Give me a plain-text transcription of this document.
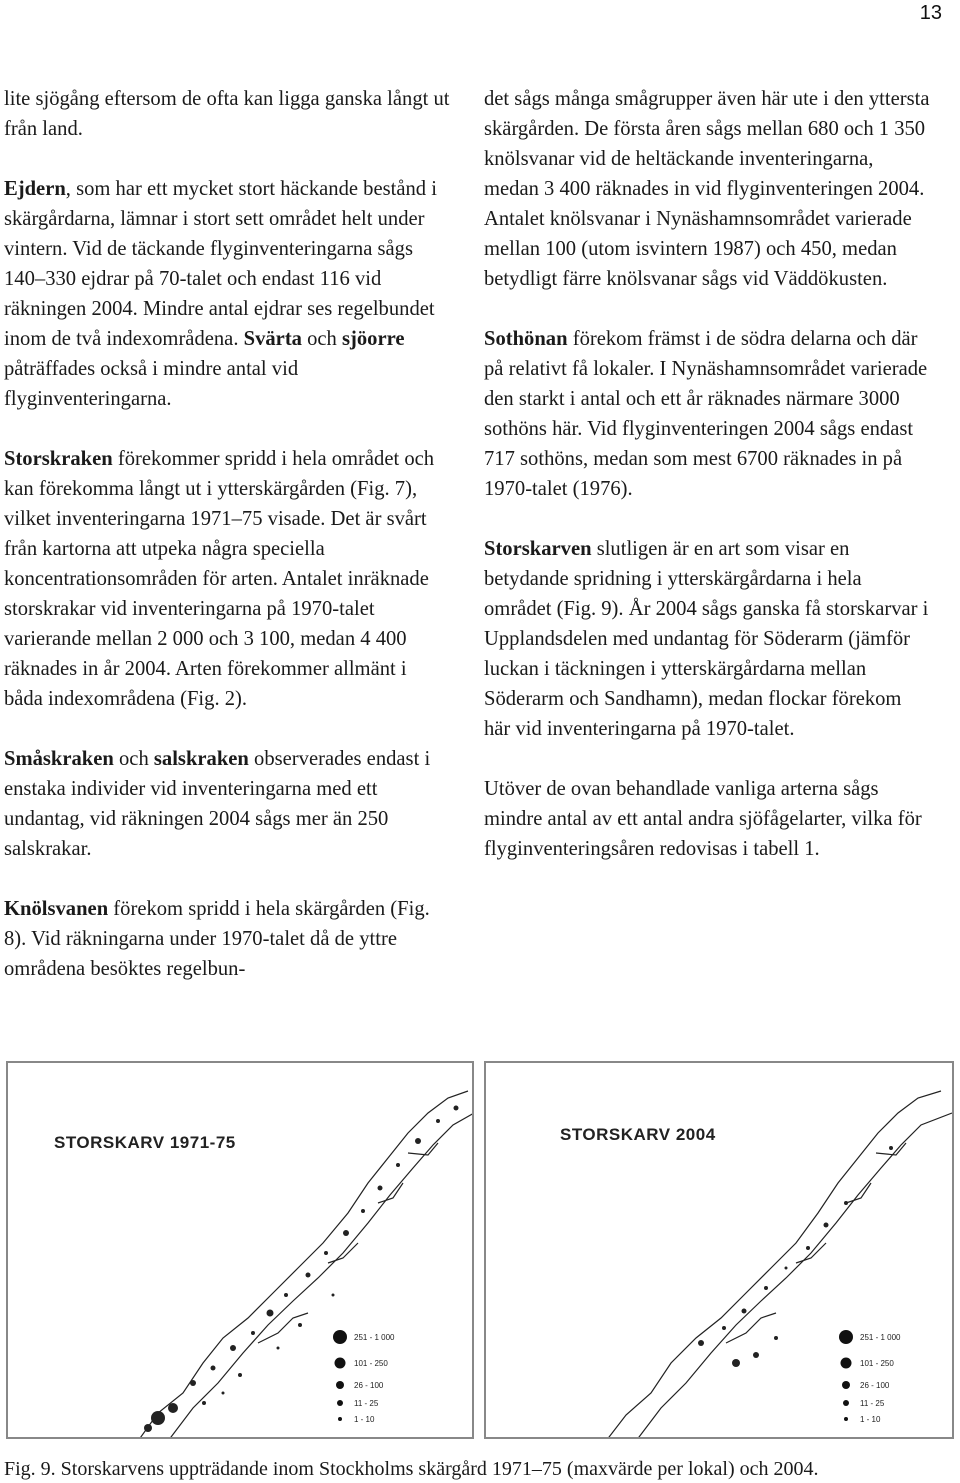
13

lite sjögång eftersom de ofta kan ligga ganska långt ut från land.

Ejdern, som har ett mycket stort häckande bestånd i skärgårdarna, lämnar i stort sett området helt under vintern. Vid de täckande flyginventeringarna sågs 140–330 ejdrar på 70-talet och endast 116 vid räkningen 2004. Mindre antal ejdrar ses regelbundet inom de två indexområdena. Svärta och sjöorre påträffades också i mindre antal vid flyginventeringarna.

Storskraken förekommer spridd i hela området och kan förekomma långt ut i ytterskärgården (Fig. 7), vilket inventeringarna 1971–75 visade. Det är svårt från kartorna att utpeka några speciella koncentrationsområden för arten. Antalet inräknade storskrakar vid inventeringarna på 1970-talet varierande mellan 2 000 och 3 100, medan 4 400 räknades in år 2004. Arten förekommer allmänt i båda indexområdena (Fig. 2).

Småskraken och salskraken observerades endast i enstaka individer vid inventeringarna med ett undantag, vid räkningen 2004 sågs mer än 250 salskrakar.

Knölsvanen förekom spridd i hela skärgården (Fig. 8). Vid räkningarna under 1970-talet då de yttre områdena besöktes regelbun-

det sågs många smågrupper även här ute i den yttersta skärgården. De första åren sågs mellan 680 och 1 350 knölsvanar vid de heltäckande inventeringarna, medan 3 400 räknades in vid flyginventeringen 2004. Antalet knölsvanar i Nynäshamnsområdet varierade mellan 100 (utom isvintern 1987) och 450, medan betydligt färre knölsvanar sågs vid Väddökusten.

Sothönan förekom främst i de södra delarna och där på relativt få lokaler. I Nynäshamnsområdet varierade den starkt i antal och ett år räknades närmare 3000 sothöns här. Vid flyginventeringen 2004 sågs endast 717 sothöns, medan som mest 6700 räknades in på 1970-talet (1976).

Storskarven slutligen är en art som visar en betydande spridning i ytterskärgårdarna i hela området (Fig. 9). År 2004 sågs ganska få storskarvar i Upplandsdelen med undantag för Söderarm (jämför luckan i täckningen i ytterskärgårdarna mellan Söderarm och Sandhamn), medan flockar förekom här vid inventeringarna på 1970-talet.

Utöver de ovan behandlade vanliga arterna sågs mindre antal av ett antal andra sjöfågelarter, vilka för flyginventeringsåren redovisas i tabell 1.

251 - 1 000
101 - 250
26 - 100
11 - 25
1 - 10
STORSKARV 1971-75
251 - 1 000
101 - 250
26 - 100
11 - 25
1 - 10
STORSKARV 2004
Fig. 9. Storskarvens uppträdande inom Stockholms skärgård 1971–75 (maxvärde per lokal) och 2004.
